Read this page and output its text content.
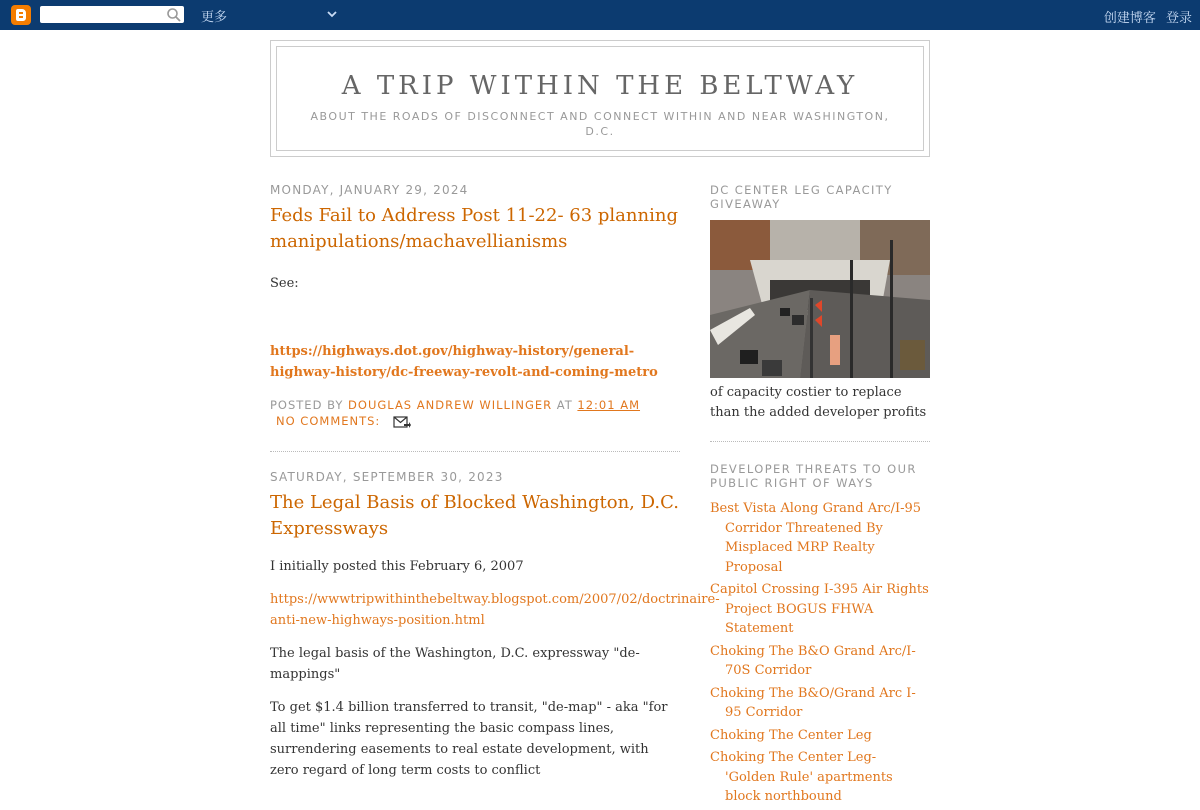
更多	创建博客 登录
A TRIP WITHIN THE BELTWAY
ABOUT THE ROADS OF DISCONNECT AND CONNECT WITHIN AND NEAR WASHINGTON, D.C.
MONDAY, JANUARY 29, 2024
Feds Fail to Address Post 11-22- 63 planning manipulations/machavellianisms
See:
https://highways.dot.gov/highway-history/general-highway-history/dc-freeway-revolt-and-coming-metro
POSTED BY DOUGLAS ANDREW WILLINGER AT 12:01 AM
NO COMMENTS:
SATURDAY, SEPTEMBER 30, 2023
The Legal Basis of Blocked Washington, D.C. Expressways
I initially posted this February 6, 2007
https://wwwtripwithinthebeltway.blogspot.com/2007/02/doctrinaire-anti-new-highways-position.html
The legal basis of the Washington, D.C. expressway "de-mappings"
To get $1.4 billion transferred to transit, "de-map" - aka "for all time" links representing the basic compass lines, surrendering easements to real estate development, with zero regard of long term costs to conflict
DC CENTER LEG CAPACITY GIVEAWAY
of capacity costier to replace than the added developer profits
DEVELOPER THREATS TO OUR PUBLIC RIGHT OF WAYS
Best Vista Along Grand Arc/I-95 Corridor Threatened By Misplaced MRP Realty Proposal
Capitol Crossing I-395 Air Rights Project BOGUS FHWA Statement
Choking The B&O Grand Arc/I-70S Corridor
Choking The B&O/Grand Arc I-95 Corridor
Choking The Center Leg
Choking The Center Leg- 'Golden Rule' apartments block northbound
